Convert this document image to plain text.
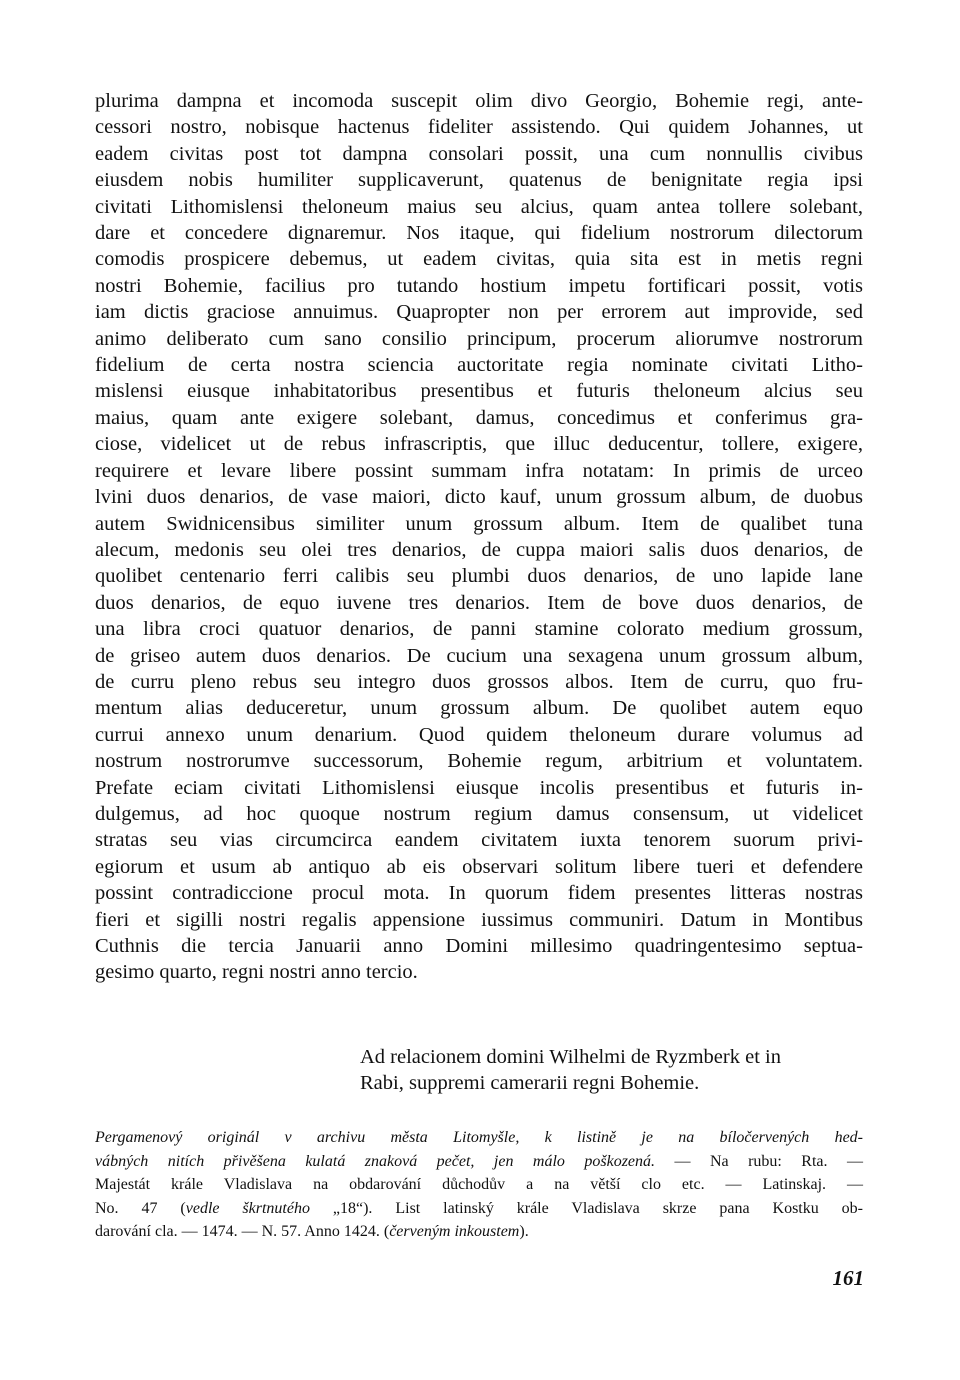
plurima dampna et incomoda suscepit olim divo Georgio, Bohemie regi, ante-
cessori nostro, nobisque hactenus fideliter assistendo. Qui quidem Johannes, ut
eadem civitas post tot dampna consolari possit, una cum nonnullis civibus
eiusdem nobis humiliter supplicaverunt, quatenus de benignitate regia ipsi
civitati Lithomislensi theloneum maius seu alcius, quam antea tollere solebant,
dare et concedere dignaremur. Nos itaque, qui fidelium nostrorum dilectorum
comodis prospicere debemus, ut eadem civitas, quia sita est in metis regni
nostri Bohemie, facilius pro tutando hostium impetu fortificari possit, votis
iam dictis graciose annuimus. Quapropter non per errorem aut improvide, sed
animo deliberato cum sano consilio principum, procerum aliorumve nostrorum
fidelium de certa nostra sciencia auctoritate regia nominate civitati Litho-
mislensi eiusque inhabitatoribus presentibus et futuris theloneum alcius seu
maius, quam ante exigere solebant, damus, concedimus et conferimus gra-
ciose, videlicet ut de rebus infrascriptis, que illuc deducentur, tollere, exigere,
requirere et levare libere possint summam infra notatam: In primis de urceo
lvini duos denarios, de vase maiori, dicto kauf, unum grossum album, de duobus
autem Swidnicensibus similiter unum grossum album. Item de qualibet tuna
alecum, medonis seu olei tres denarios, de cuppa maiori salis duos denarios, de
quolibet centenario ferri calibis seu plumbi duos denarios, de uno lapide lane
duos denarios, de equo iuvene tres denarios. Item de bove duos denarios, de
una libra croci quatuor denarios, de panni stamine colorato medium grossum,
de griseo autem duos denarios. De cucium una sexagena unum grossum album,
de curru pleno rebus seu integro duos grossos albos. Item de curru, quo fru-
mentum alias deduceretur, unum grossum album. De quolibet autem equo
currui annexo unum denarium. Quod quidem theloneum durare volumus ad
nostrum nostrorumve successorum, Bohemie regum, arbitrium et voluntatem.
Prefate eciam civitati Lithomislensi eiusque incolis presentibus et futuris in-
dulgemus, ad hoc quoque nostrum regium damus consensum, ut videlicet
stratas seu vias circumcirca eandem civitatem iuxta tenorem suorum privi-
egiorum et usum ab antiquo ab eis observari solitum libere tueri et defendere
possint contradiccione procul mota. In quorum fidem presentes litteras nostras
fieri et sigilli nostri regalis appensione iussimus communiri. Datum in Montibus
Cuthnis die tercia Januarii anno Domini millesimo quadringentesimo septua-
gesimo quarto, regni nostri anno tercio.
Ad relacionem domini Wilhelmi de Ryzmberk et in
Rabi, suppremi camerarii regni Bohemie.
Pergamenový originál v archivu města Litomyšle, k listině je na bíločervených hed-
vábných nitích přivěšena kulatá znaková pečet, jen málo poškozená. — Na rubu: Rta. —
Majestát krále Vladislava na obdarování důchodův a na větší clo etc. — Latinskaj. —
No. 47 (vedle škrtnutého „18“). List latinský krále Vladislava skrze pana Kostku ob-
darování cla. — 1474. — N. 57. Anno 1424. (červeným inkoustem).
161
